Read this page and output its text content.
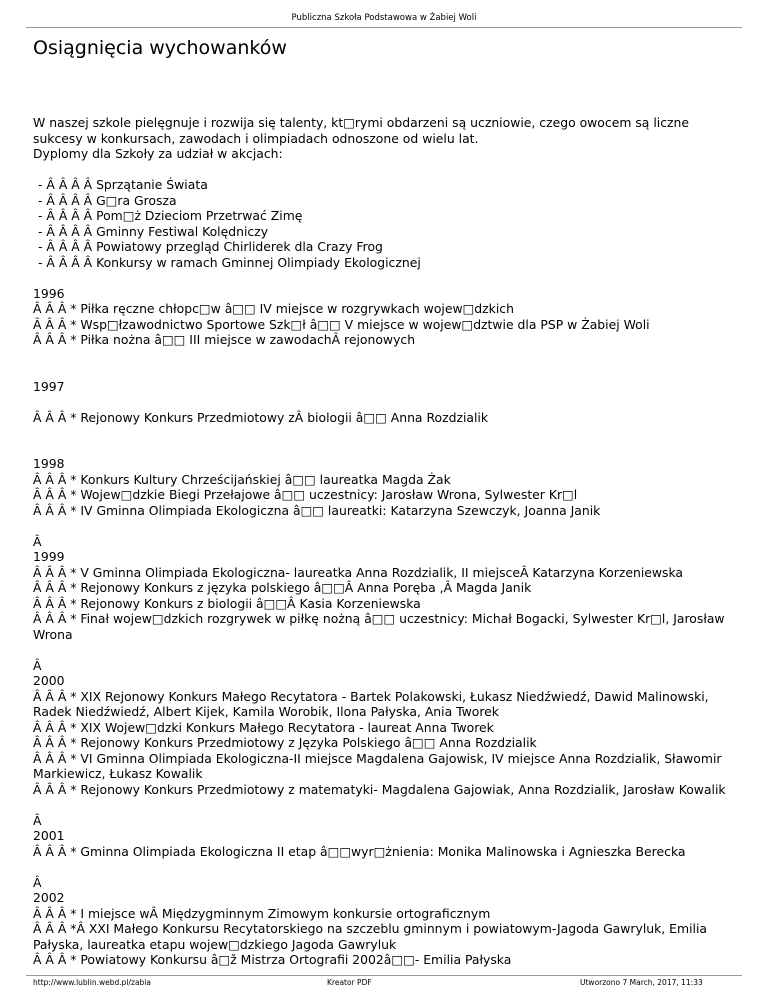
Publiczna Szkoła Podstawowa w Żabiej Woli
Osiągnięcia wychowanków
W naszej szkole pielęgnuje i rozwija się talenty, kt□rymi obdarzeni są uczniowie, czego owocem są liczne sukcesy w konkursach, zawodach i olimpiadach odnoszone od wielu lat.
Dyplomy dla Szkoły za udział w akcjach:
- Â Â Â Â Sprzątanie Świata
- Â Â Â Â G□ra Grosza
- Â Â Â Â Pom□ż Dzieciom Przetrwać Zimę
- Â Â Â Â Gminny Festiwal Kolędniczy
- Â Â Â Â Powiatowy przegląd Chirliderek dla Crazy Frog
- Â Â Â Â Konkursy w ramach Gminnej Olimpiady Ekologicznej
1996
Â Â Â * Piłka ręczne chłopc□w â□□ IV miejsce w rozgrywkach wojew□dzkich
Â Â Â * Wsp□łzawodnictwo Sportowe Szk□ł â□□ V miejsce w wojew□dztwie dla PSP w Żabiej Woli
Â Â Â * Piłka nożna â□□ III miejsce w zawodachÂ rejonowych
1997
Â Â Â * Rejonowy Konkurs Przedmiotowy zÂ biologii â□□ Anna Rozdzialik
1998
Â Â Â * Konkurs Kultury Chrześcijańskiej â□□ laureatka Magda Żak
Â Â Â * Wojew□dzkie Biegi Przełajowe â□□ uczestnicy: Jarosław Wrona, Sylwester Kr□l
Â Â Â * IV Gminna Olimpiada Ekologiczna â□□ laureatki: Katarzyna Szewczyk, Joanna Janik
Â
1999
Â Â Â * V Gminna Olimpiada Ekologiczna- laureatka Anna Rozdzialik, II miejsceÂ Katarzyna Korzeniewska
Â Â Â * Rejonowy Konkurs z języka polskiego â□□Â Anna Poręba ,Â Magda Janik
Â Â Â * Rejonowy Konkurs z biologii â□□Â Kasia Korzeniewska
Â Â Â * Finał wojew□dzkich rozgrywek w piłkę nożną â□□ uczestnicy: Michał Bogacki, Sylwester Kr□l, Jarosław Wrona
Â
2000
Â Â Â * XIX Rejonowy Konkurs Małego Recytatora - Bartek Polakowski, Łukasz Niedźwiedź, Dawid Malinowski, Radek Niedźwiedź, Albert Kijek, Kamila Worobik, Ilona Pałyska, Ania Tworek
Â Â Â * XIX Wojew□dzki Konkurs Małego Recytatora - laureat Anna Tworek
Â Â Â * Rejonowy Konkurs Przedmiotowy z Języka Polskiego â□□ Anna Rozdzialik
Â Â Â * VI Gminna Olimpiada Ekologiczna-II miejsce Magdalena Gajowisk, IV miejsce Anna Rozdzialik, Sławomir Markiewicz, Łukasz Kowalik
Â Â Â * Rejonowy Konkurs Przedmiotowy z matematyki- Magdalena Gajowiak, Anna Rozdzialik, Jarosław Kowalik
Â
2001
Â Â Â * Gminna Olimpiada Ekologiczna II etap â□□wyr□żnienia: Monika Malinowska i Agnieszka Berecka
Â
2002
Â Â Â * I miejsce wÂ Międzygminnym Zimowym konkursie ortograficznym
Â Â Â *Â XXI Małego Konkursu Recytatorskiego na szczeblu gminnym i powiatowym-Jagoda Gawryluk, Emilia Pałyska, laureatka etapu wojew□dzkiego Jagoda Gawryluk
Â Â Â * Powiatowy Konkursu â□ž Mistrza Ortografii 2002â□□- Emilia Pałyska
http://www.lublin.webd.pl/zabia	Kreator PDF	Utworzono 7 March, 2017, 11:33
